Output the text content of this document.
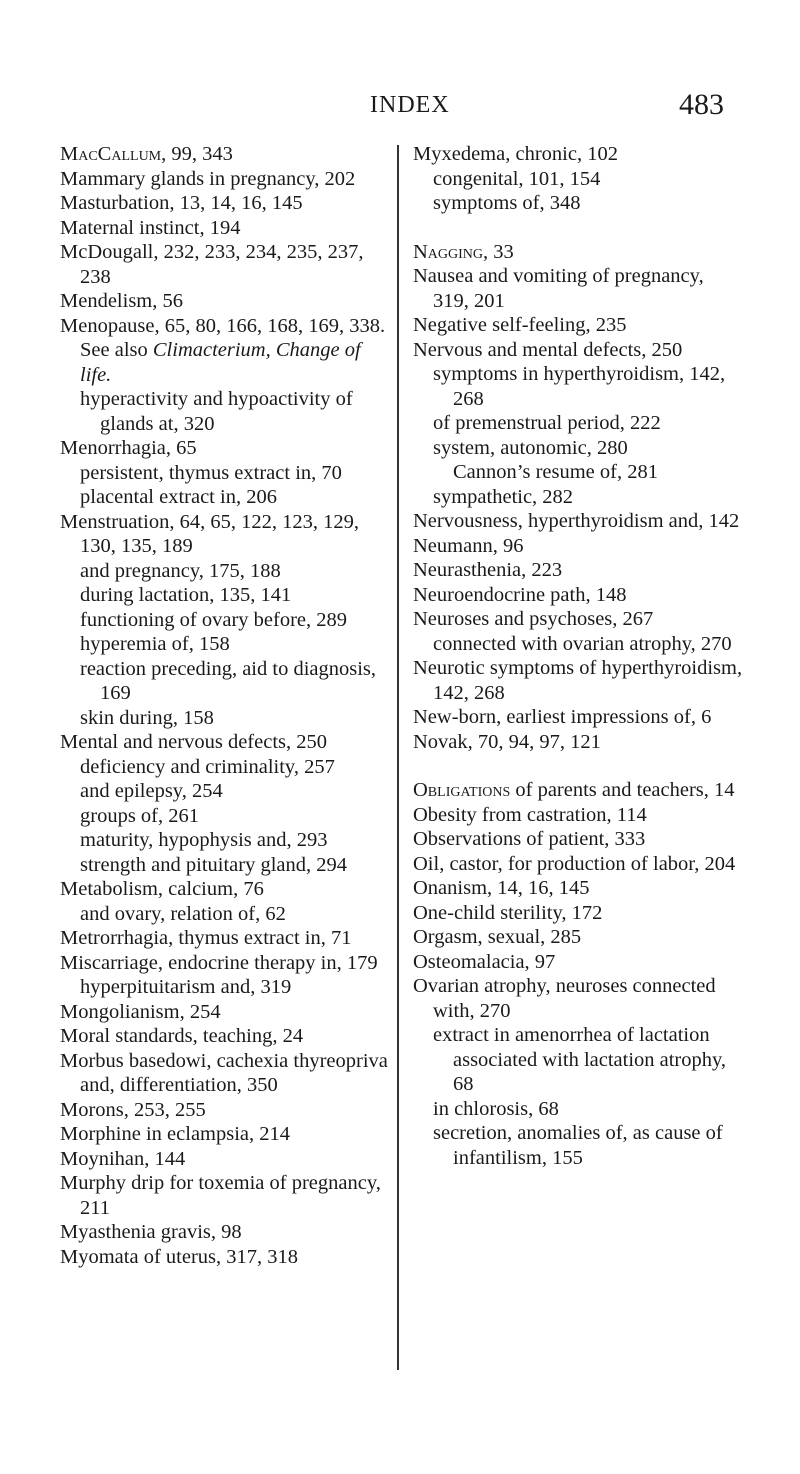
INDEX	483
MacCallum, 99, 343
Mammary glands in pregnancy, 202
Masturbation, 13, 14, 16, 145
Maternal instinct, 194
McDougall, 232, 233, 234, 235, 237, 238
Mendelism, 56
Menopause, 65, 80, 166, 168, 169, 338. See also Climacterium, Change of life.
hyperactivity and hypoactivity of glands at, 320
Menorrhagia, 65
persistent, thymus extract in, 70
placental extract in, 206
Menstruation, 64, 65, 122, 123, 129, 130, 135, 189
and pregnancy, 175, 188
during lactation, 135, 141
functioning of ovary before, 289
hyperemia of, 158
reaction preceding, aid to diagnosis, 169
skin during, 158
Mental and nervous defects, 250
deficiency and criminality, 257
and epilepsy, 254
groups of, 261
maturity, hypophysis and, 293
strength and pituitary gland, 294
Metabolism, calcium, 76
and ovary, relation of, 62
Metrorrhagia, thymus extract in, 71
Miscarriage, endocrine therapy in, 179
hyperpituitarism and, 319
Mongolianism, 254
Moral standards, teaching, 24
Morbus basedowi, cachexia thyreopriva and, differentiation, 350
Morons, 253, 255
Morphine in eclampsia, 214
Moynihan, 144
Murphy drip for toxemia of pregnancy, 211
Myasthenia gravis, 98
Myomata of uterus, 317, 318
Myxedema, chronic, 102
congenital, 101, 154
symptoms of, 348
Nagging, 33
Nausea and vomiting of pregnancy, 319, 201
Negative self-feeling, 235
Nervous and mental defects, 250
symptoms in hyperthyroidism, 142, 268
of premenstrual period, 222
system, autonomic, 280
Cannon’s resume of, 281
sympathetic, 282
Nervousness, hyperthyroidism and, 142
Neumann, 96
Neurasthenia, 223
Neuroendocrine path, 148
Neuroses and psychoses, 267
connected with ovarian atrophy, 270
Neurotic symptoms of hyperthyroidism, 142, 268
New-born, earliest impressions of, 6
Novak, 70, 94, 97, 121
Obligations of parents and teachers, 14
Obesity from castration, 114
Observations of patient, 333
Oil, castor, for production of labor, 204
Onanism, 14, 16, 145
One-child sterility, 172
Orgasm, sexual, 285
Osteomalacia, 97
Ovarian atrophy, neuroses connected with, 270
extract in amenorrhea of lactation associated with lactation atrophy, 68
in chlorosis, 68
secretion, anomalies of, as cause of infantilism, 155
